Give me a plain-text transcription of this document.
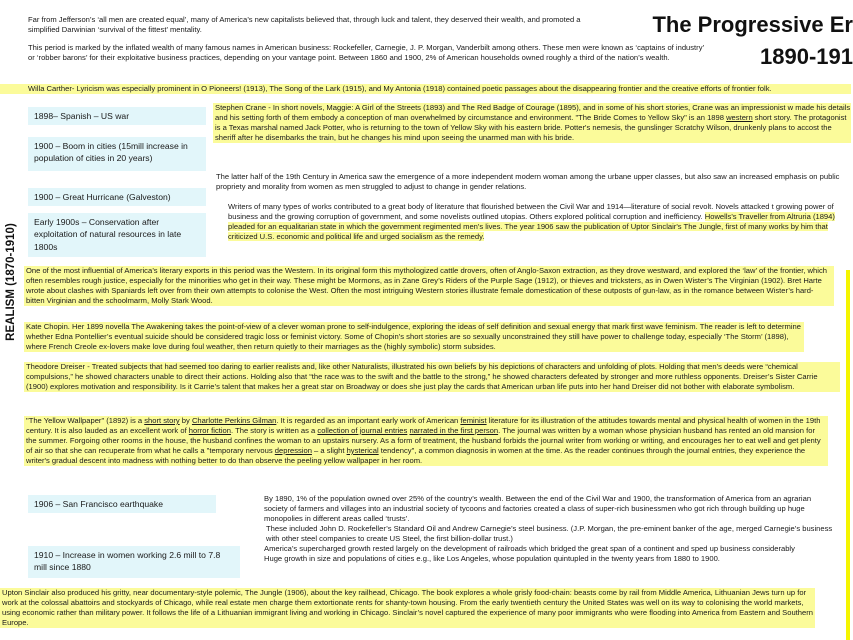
The Progressive Er
1890-191
REALISM (1870-1910)

Far from Jefferson’s ‘all men are created equal’, many of America’s new capitalists believed that, through luck and talent, they deserved their wealth, and promoted a simplified Darwinian ‘survival of the fittest’ mentality.

This period is marked by the inflated wealth of many famous names in American business: Rockefeller, Carnegie, J. P. Morgan, Vanderbilt among others. These men were known as ‘captains of industry’ or ‘robber barons’ for their exploitative business practices, depending on your vantage point. Between 1860 and 1900, 2% of American households owned roughly a third of the nation’s wealth.

Willa Carther- Lyricism was especially prominent in O Pioneers! (1913), The Song of the Lark (1915), and My Antonia (1918) contained poetic passages about the disappearing frontier and the creative efforts of frontier folk.

1898– Spanish – US war
1900 – Boom in cities (15mill increase in population of cities in 20 years)
1900 – Great Hurricane (Galveston)
Early 1900s – Conservation after exploitation of natural resources in late 1800s
1906 – San Francisco earthquake
1910 – Increase in women working 2.6 mill to 7.8 mill since 1880

Stephen Crane - In short novels, Maggie: A Girl of the Streets (1893) and The Red Badge of Courage (1895), and in some of his short stories, Crane was an impressionist w made his details and his setting forth of them embody a conception of man overwhelmed by circumstance and environment. "The Bride Comes to Yellow Sky" is an 1898 western short story. The protagonist is a Texas marshal named Jack Potter, who is returning to the town of Yellow Sky with his eastern bride. Potter's nemesis, the gunslinger Scratchy Wilson, drunkenly plans to accost the sheriff after he disembarks the train, but he changes his mind upon seeing the unarmed man with his bride.

The latter half of the 19th Century in America saw the emergence of a more independent modern woman among the urbane upper classes, but also saw an increased emphasis on public propriety and morality from women as men struggled to adjust to change in gender relations.

Writers of many types of works contributed to a great body of literature that flourished between the Civil War and 1914—literature of social revolt. Novels attacked t growing power of business and the growing corruption of government, and some novelists outlined utopias. Others explored political corruption and inefficiency. Howells's Traveller from Altruria (1894) pleaded for an equalitarian state in which the government regimented men's lives. The year 1906 saw the publication of Uptor Sinclair's The Jungle, first of many works by him that criticized U.S. economic and political life and urged socialism as the remedy.

One of the most influential of America’s literary exports in this period was the Western. In its original form this mythologized cattle drovers, often of Anglo-Saxon extraction, as they drove westward, and explored the ‘law’ of the frontier, which often resembles rough justice, especially for the minorities who get in their way. These might be Mormons, as in Zane Grey’s Riders of the Purple Sage (1912), or thieves and tricksters, as in Owen Wister’s The Virginian (1902). Bret Harte wrote about clashes with Spaniards left over from their own attempts to colonise the West. Often the most intriguing Western stories illustrate female domestication of these outposts of gun-law, as in the romance between Wister’s hard-bitten Virginian and the schoolmarm, Molly Stark Wood.

Kate Chopin. Her 1899 novella The Awakening takes the point-of-view of a clever woman prone to self-indulgence, exploring the ideas of self definition and sexual energy that mark first wave feminism. The reader is left to determine whether Edna Pontellier’s eventual suicide should be considered tragic loss or feminist victory. Some of Chopin’s short stories are so sexually unconstrained they still have power to challenge today, especially ‘The Storm’ (1898), where French Creole ex-lovers make love during foul weather, then return quietly to their marriages as the (highly symbolic) storm subsides.

Theodore Dreiser - Treated subjects that had seemed too daring to earlier realists and, like other Naturalists, illustrated his own beliefs by his depictions of characters and unfolding of plots. Holding that men’s deeds were “chemical compulsions,” he showed characters unable to direct their actions. Holding also that “the race was to the swift and the battle to the strong,” he showed characters defeated by stronger and more ruthless opponents. Dreiser’s Sister Carrie (1900) explores motivation and responsibility. Is it Carrie’s talent that makes her a great star on Broadway or does she just play the cards that American urban life puts into her hand Dreiser did not bother with elaborate symbolism.

"The Yellow Wallpaper" (1892) is a short story by Charlotte Perkins Gilman. It is regarded as an important early work of American feminist literature for its illustration of the attitudes towards mental and physical health of women in the 19th century. It is also lauded as an excellent work of horror fiction. The story is written as a collection of journal entries narrated in the first person. The journal was written by a woman whose physician husband has rented an old mansion for the summer. Forgoing other rooms in the house, the husband confines the woman to an upstairs nursery. As a form of treatment, the husband forbids the journal writer from working or writing, and encourages her to eat well and get plenty of air so that she can recuperate from what he calls a "temporary nervous depression – a slight hysterical tendency", a common diagnosis in women at the time. As the reader continues through the journal entries, they experience the writer's gradual descent into madness with nothing better to do than observe the peeling yellow wallpaper in her room.

By 1890, 1% of the population owned over 25% of the country’s wealth. Between the end of the Civil War and 1900, the transformation of America from an agrarian society of farmers and villages into an industrial society of tycoons and factories created a class of super-rich businessmen who got rich through building up huge monopolies in different areas called ‘trusts’.

These included John D. Rockefeller’s Standard Oil and Andrew Carnegie’s steel business. (J.P. Morgan, the pre-eminent banker of the age, merged Carnegie’s business with other steel companies to create US Steel, the first billion-dollar trust.)

America’s supercharged growth rested largely on the development of railroads which bridged the great span of a continent and sped up business considerably

Huge growth in size and populations of cities e.g., like Los Angeles, whose population quintupled in the twenty years from 1880 to 1900.

Upton Sinclair also produced his gritty, near documentary-style polemic, The Jungle (1906), about the key railhead, Chicago. The book explores a whole grisly food-chain: beasts come by rail from Middle America, Lithuanian Jews turn up for work at the colossal abattoirs and stockyards of Chicago, while real estate men charge them extortionate rents for shanty-town housing. From the early twentieth century the United States was well on its way to colonising the world markets, using economic rather than military power. It follows the life of a Lithuanian immigrant living and working in Chicago. Sinclair’s novel captured the experience of many poor immigrants who were flooding into America from Eastern and Southern Europe.
